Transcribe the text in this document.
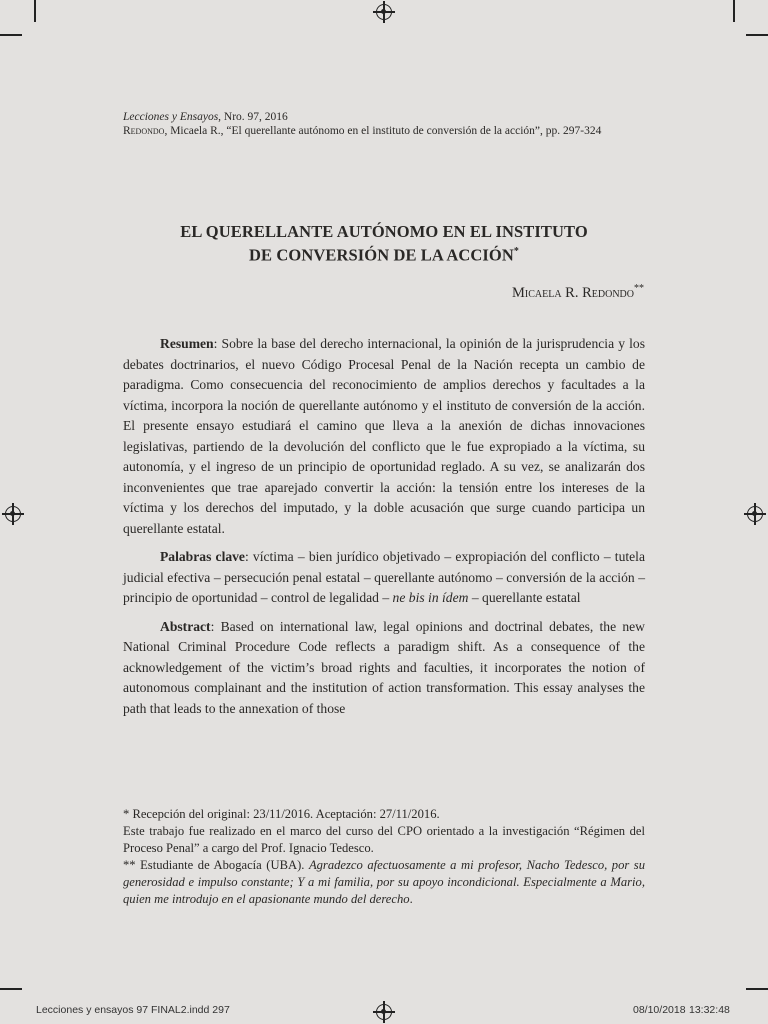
Lecciones y Ensayos, Nro. 97, 2016
Redondo, Micaela R., “El querellante autónomo en el instituto de conversión de la acción”, pp. 297-324
EL QUERELLANTE AUTÓNOMO EN EL INSTITUTO
DE CONVERSIÓN DE LA ACCIÓN*
Micaela R. Redondo**

Resumen: Sobre la base del derecho internacional, la opinión de la jurisprudencia y los debates doctrinarios, el nuevo Código Procesal Penal de la Nación recepta un cambio de paradigma. Como consecuencia del reconocimiento de amplios derechos y facultades a la víctima, incorpora la noción de querellante autónomo y el instituto de conversión de la acción. El presente ensayo estudiará el camino que lleva a la anexión de dichas innovaciones legislativas, partiendo de la devolución del conflicto que le fue expropiado a la víctima, su autonomía, y el ingreso de un principio de oportunidad reglado. A su vez, se analizarán dos inconvenientes que trae aparejado convertir la acción: la tensión entre los intereses de la víctima y los derechos del imputado, y la doble acusación que surge cuando participa un querellante estatal.

Palabras clave: víctima – bien jurídico objetivado – expropiación del conflicto – tutela judicial efectiva – persecución penal estatal – querellante autónomo – conversión de la acción – principio de oportunidad – control de legalidad – ne bis in ídem – querellante estatal

Abstract: Based on international law, legal opinions and doctrinal debates, the new National Criminal Procedure Code reflects a paradigm shift. As a consequence of the acknowledgement of the victim’s broad rights and faculties, it incorporates the notion of autonomous complainant and the institution of action transformation. This essay analyses the path that leads to the annexation of those

* Recepción del original: 23/11/2016. Aceptación: 27/11/2016.

Este trabajo fue realizado en el marco del curso del CPO orientado a la investigación “Régimen del Proceso Penal” a cargo del Prof. Ignacio Tedesco.

** Estudiante de Abogacía (UBA). Agradezco afectuosamente a mi profesor, Nacho Tedesco, por su generosidad e impulso constante; Y a mi familia, por su apoyo incondicional. Especialmente a Mario, quien me introdujo en el apasionante mundo del derecho.

Lecciones y ensayos 97 FINAL2.indd 297	08/10/2018 13:32:48
